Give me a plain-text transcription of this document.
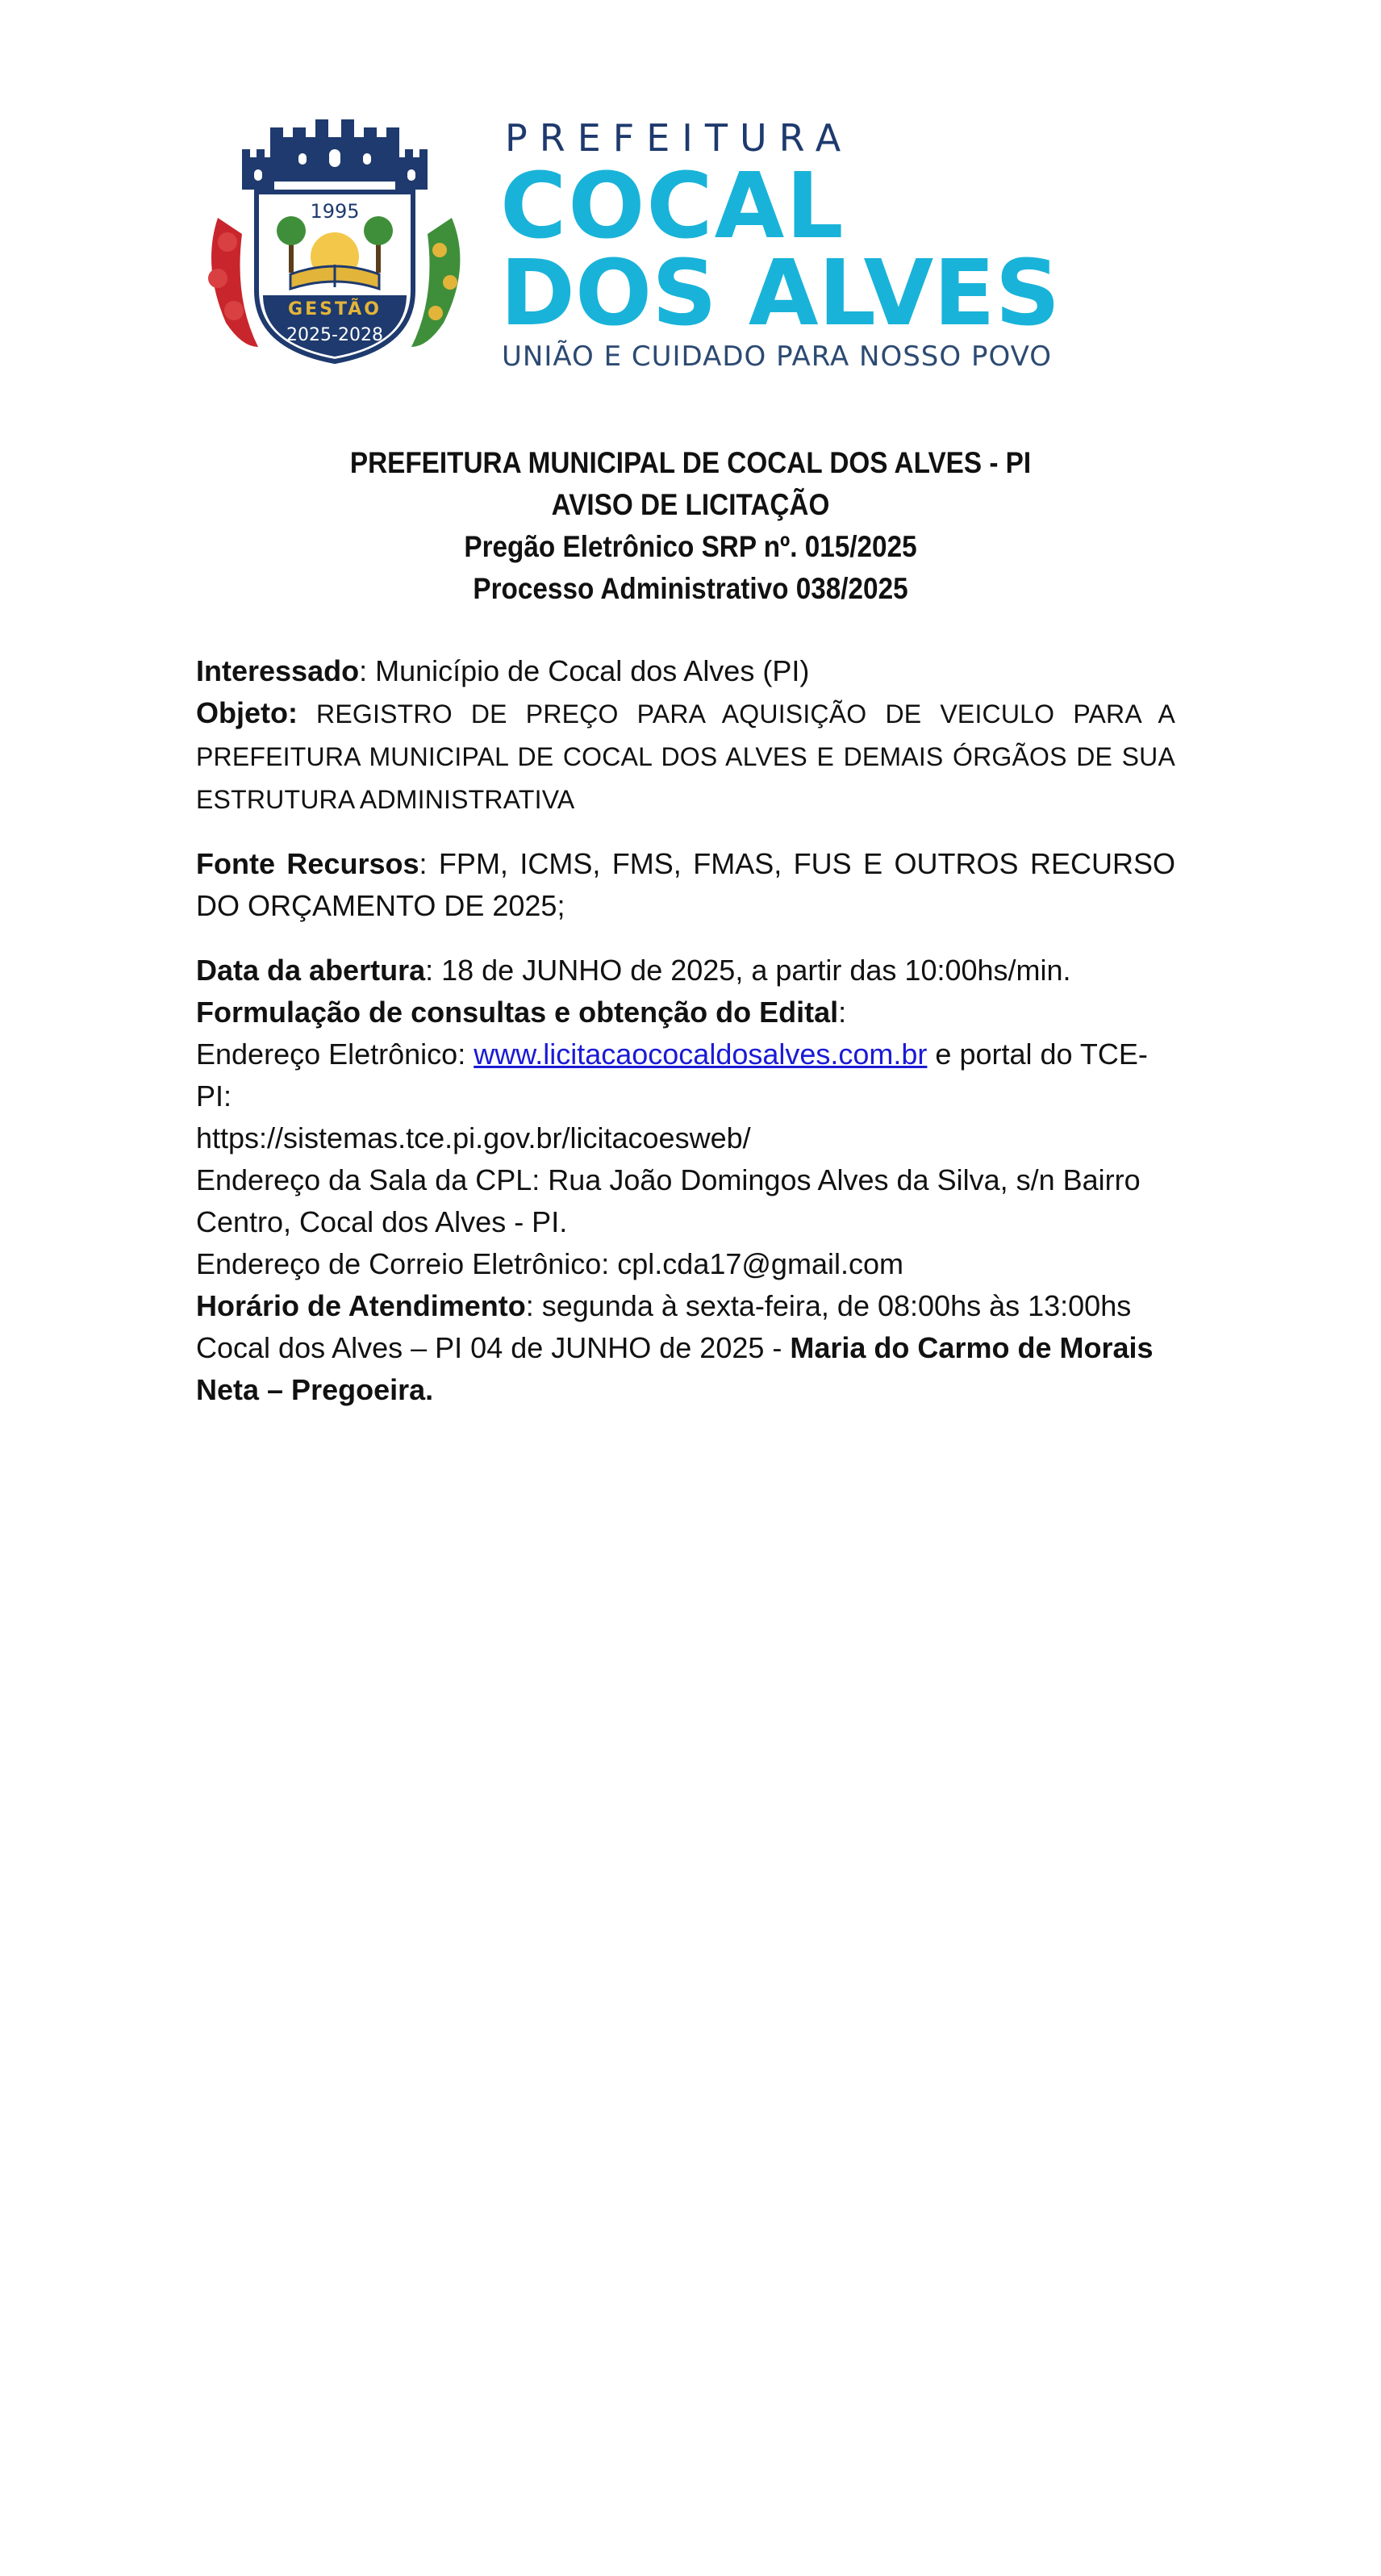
1995
GESTÃO
2025-2028
PREFEITURA
COCAL
DOS ALVES
UNIÃO E CUIDADO PARA NOSSO POVO
PREFEITURA MUNICIPAL DE COCAL DOS ALVES - PI
AVISO DE LICITAÇÃO
Pregão Eletrônico SRP nº. 015/2025
Processo Administrativo 038/2025

Interessado: Município de Cocal dos Alves (PI)

Objeto: REGISTRO DE PREÇO PARA AQUISIÇÃO DE VEICULO PARA A PREFEITURA MUNICIPAL DE COCAL DOS ALVES E DEMAIS ÓRGÃOS DE SUA ESTRUTURA ADMINISTRATIVA

Fonte Recursos: FPM, ICMS, FMS, FMAS, FUS E OUTROS RECURSO DO ORÇAMENTO DE 2025;

Data da abertura: 18 de JUNHO de 2025, a partir das 10:00hs/min.

Formulação de consultas e obtenção do Edital:

Endereço Eletrônico: www.licitacaococaldosalves.com.br e portal do TCE-PI:

https://sistemas.tce.pi.gov.br/licitacoesweb/

Endereço da Sala da CPL: Rua João Domingos Alves da Silva, s/n Bairro Centro, Cocal dos Alves - PI.

Endereço de Correio Eletrônico: cpl.cda17@gmail.com

Horário de Atendimento: segunda à sexta-feira, de 08:00hs às 13:00hs

Cocal dos Alves – PI 04 de JUNHO de 2025 - Maria do Carmo de Morais Neta – Pregoeira.
